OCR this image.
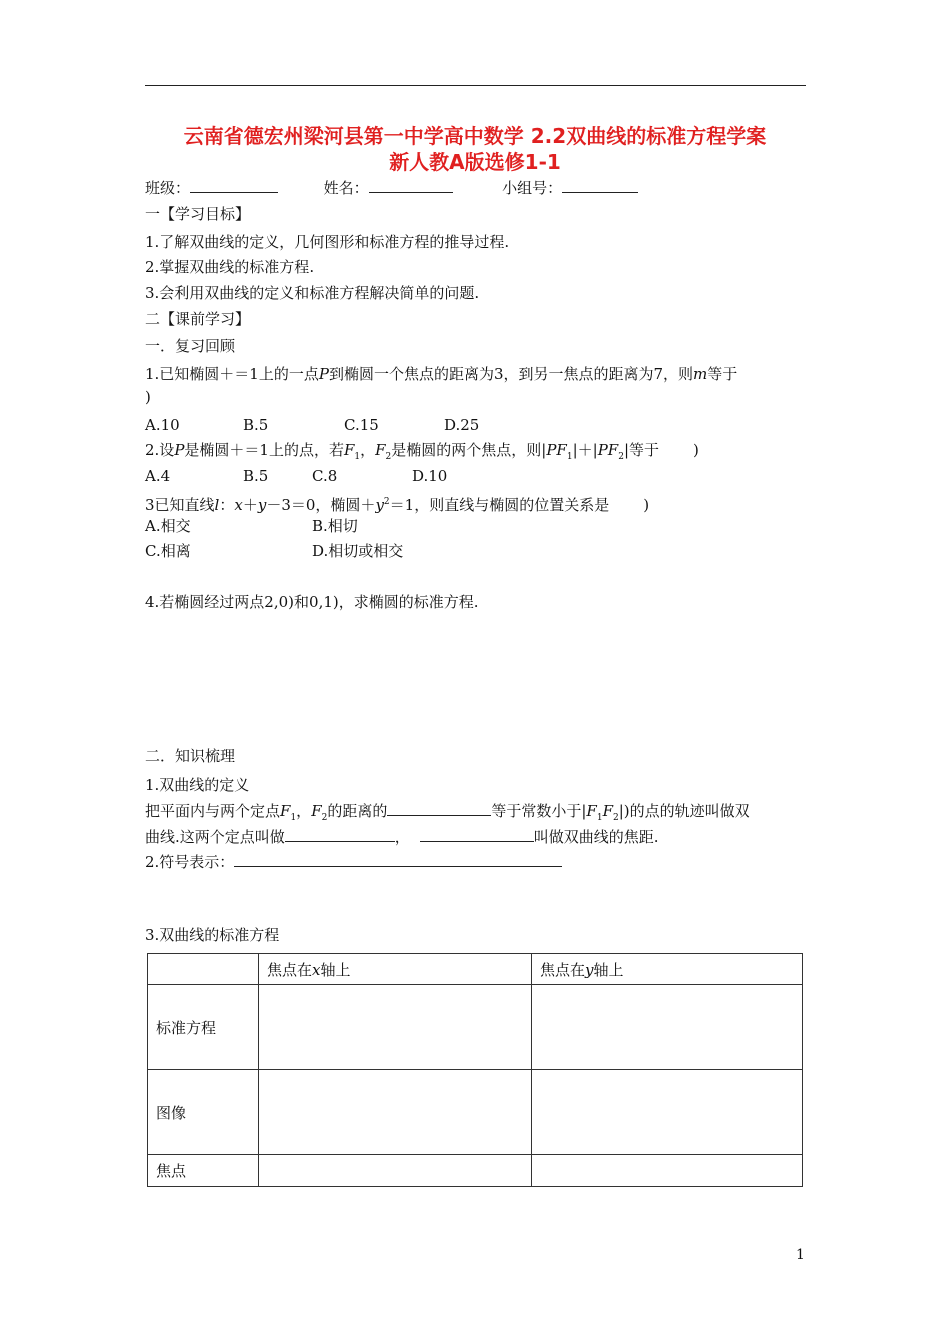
云南省德宏州梁河县第一中学高中数学 2.2双曲线的标准方程学案
新人教A版选修1-1
班级：	姓名：	小组号：
一【学习目标】
1.了解双曲线的定义，几何图形和标准方程的推导过程.
2.掌握双曲线的标准方程.
3.会利用双曲线的定义和标准方程解决简单的问题.
二【课前学习】
一．复习回顾
1.已知椭圆＋＝1上的一点P到椭圆一个焦点的距离为3，到另一焦点的距离为7，则m等于
)
A.10	B.5	C.15	D.25
2.设P是椭圆＋＝1上的点，若$F_1$，$F_2$是椭圆的两个焦点，则$|PF_1|+|PF_2|$等于 )
A.4	B.5	C.8	D.10
3已知直线l：x＋y－3＝0，椭圆$+y^2=1$，则直线与椭圆的位置关系是 )
A.相交	B.相切
C.相离	D.相切或相交
4.若椭圆经过两点2,0)和0,1)，求椭圆的标准方程.
二．知识梳理
1.双曲线的定义
把平面内与两个定点$F_1$，$F_2$的距离的	等于常数小于$|F_1F_2|$)的点的轨迹叫做双
曲线.这两个定点叫做	，	叫做双曲线的焦距.
2.符号表示：
3.双曲线的标准方程
	焦点在x轴上	焦点在y轴上
标准方程		
图像		
焦点		
1
